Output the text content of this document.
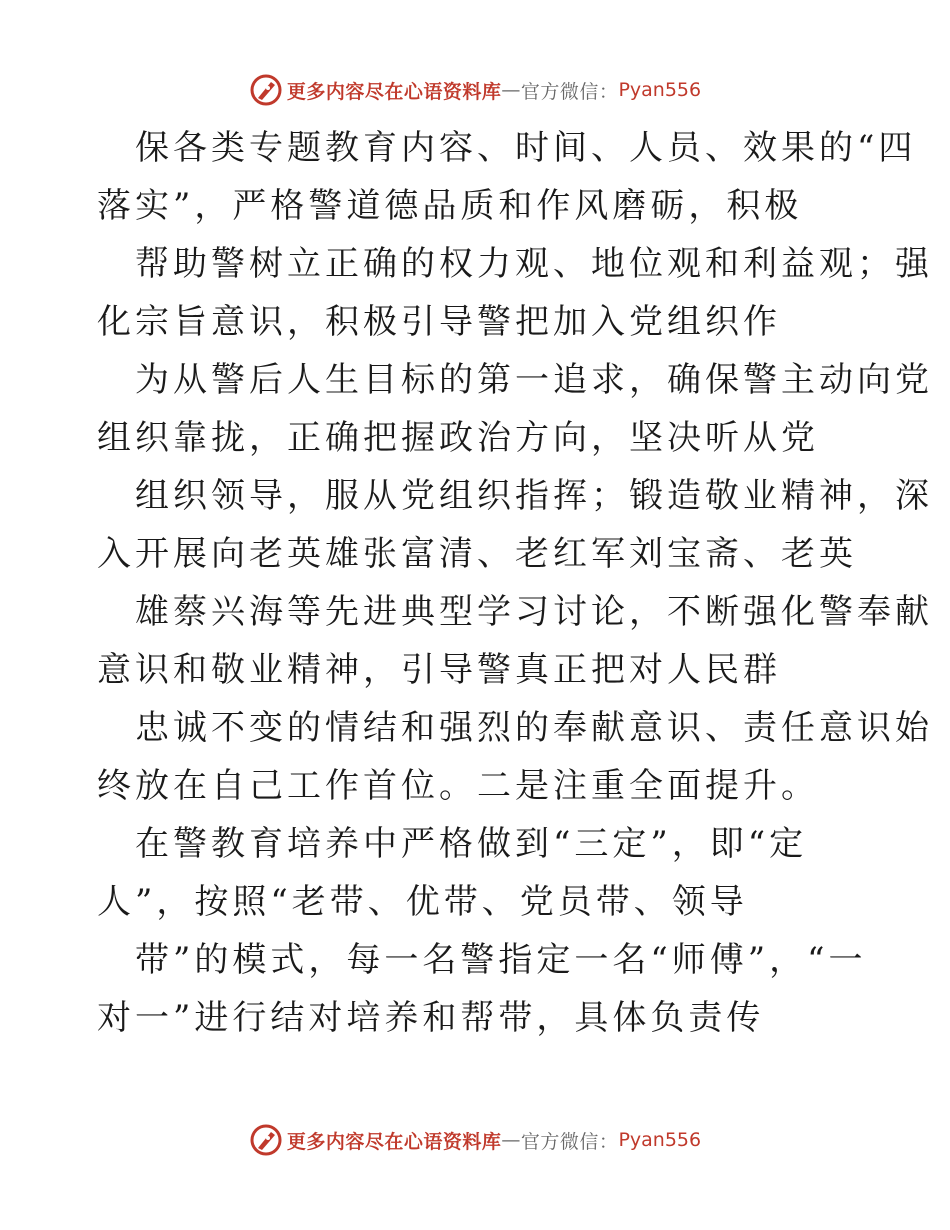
更多内容尽在心语资料库 — 官方微信： Pyan556
保各类专题教育内容、时间、人员、效果的“四
落实”，严格警道德品质和作风磨砺，积极
帮助警树立正确的权力观、地位观和利益观；强
化宗旨意识，积极引导警把加入党组织作
为从警后人生目标的第一追求，确保警主动向党
组织靠拢，正确把握政治方向，坚决听从党
组织领导，服从党组织指挥；锻造敬业精神，深
入开展向老英雄张富清、老红军刘宝斋、老英
雄蔡兴海等先进典型学习讨论，不断强化警奉献
意识和敬业精神，引导警真正把对人民群
忠诚不变的情结和强烈的奉献意识、责任意识始
终放在自己工作首位。二是注重全面提升。
在警教育培养中严格做到“三定”，即“定
人”，按照“老带、优带、党员带、领导
带”的模式，每一名警指定一名“师傅”，“一
对一”进行结对培养和帮带，具体负责传
更多内容尽在心语资料库 — 官方微信： Pyan556
